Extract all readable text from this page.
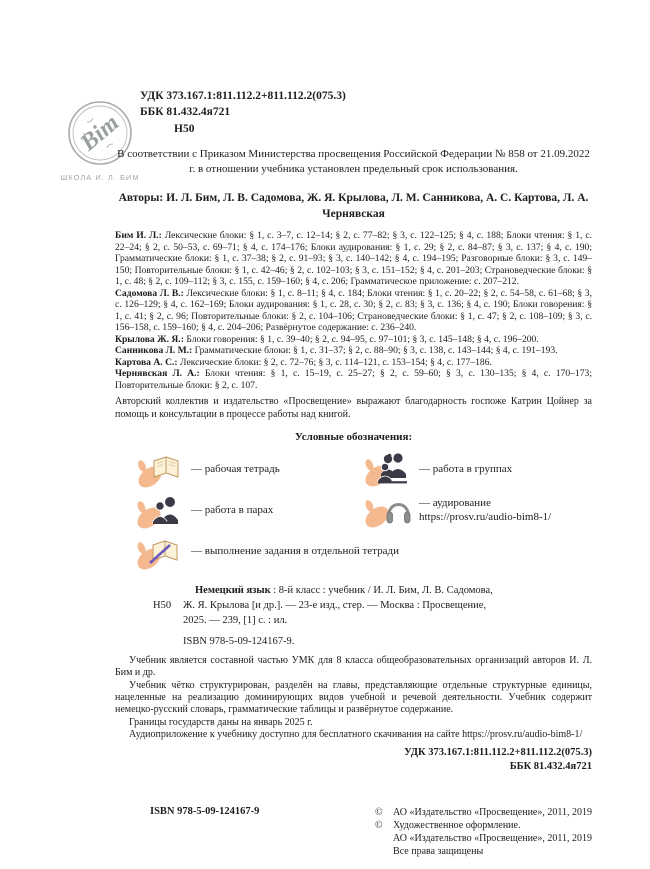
Bim
ШКОЛА И. Л. БИМ
УДК 373.167.1:811.112.2+811.112.2(075.3)
ББК 81.432.4я721
Н50
В соответствии с Приказом Министерства просвещения Российской Федерации № 858 от 21.09.2022 г. в отношении учебника установлен предельный срок использования.
Авторы: И. Л. Бим, Л. В. Садомова, Ж. Я. Крылова, Л. М. Санникова, А. С. Картова, Л. А. Чернявская

Бим И. Л.: Лексические блоки: § 1, с. 3–7, с. 12–14; § 2, с. 77–82; § 3, с. 122–125; § 4, с. 188; Блоки чтения: § 1, с. 22–24; § 2, с. 50–53, с. 69–71; § 4, с. 174–176; Блоки аудирования: § 1, с. 29; § 2, с. 84–87; § 3, с. 137; § 4, с. 190; Грамматические блоки: § 1, с. 37–38; § 2, с. 91–93; § 3, с. 140–142; § 4, с. 194–195; Разговорные блоки: § 3, с. 149–150; Повторительные блоки: § 1, с. 42–46; § 2, с. 102–103; § 3, с. 151–152; § 4, с. 201–203; Страноведческие блоки: § 1, с. 48; § 2, с. 109–112; § 3, с. 155, с. 159–160; § 4, с. 206; Грамматическое приложение: с. 207–212.

Садомова Л. В.: Лексические блоки: § 1, с. 8–11; § 4, с. 184; Блоки чтения: § 1, с. 20–22; § 2, с. 54–58, с. 61–68; § 3, с. 126–129; § 4, с. 162–169; Блоки аудирования: § 1, с. 28, с. 30; § 2, с. 83; § 3, с. 136; § 4, с. 190; Блоки говорения: § 1, с. 41; § 2, с. 96; Повторительные блоки: § 2, с. 104–106; Страноведческие блоки: § 1, с. 47; § 2, с. 108–109; § 3, с. 156–158, с. 159–160; § 4, с. 204–206; Развёрнутое содержание: с. 236–240.

Крылова Ж. Я.: Блоки говорения: § 1, с. 39–40; § 2, с. 94–95, с. 97–101; § 3, с. 145–148; § 4, с. 196–200.

Санникова Л. М.: Грамматические блоки: § 1, с. 31–37; § 2, с. 88–90; § 3, с. 138, с. 143–144; § 4, с. 191–193.

Картова А. С.: Лексические блоки: § 2, с. 72–76; § 3, с. 114–121, с. 153–154; § 4, с. 177–186.

Чернявская Л. А.: Блоки чтения: § 1, с. 15–19, с. 25–27; § 2, с. 59–60; § 3, с. 130–135; § 4, с. 170–173; Повторительные блоки: § 2, с. 107.

Авторский коллектив и издательство «Просвещение» выражают благодарность госпоже Катрин Цойнер за помощь и консультации в процессе работы над книгой.

Условные обозначения:
— рабочая тетрадь	— работа в группах
— работа в парах
— аудирование
https://prosv.ru/audio-bim8-1/
— выполнение задания в отдельной тетради
Немецкий язык : 8-й класс : учебник / И. Л. Бим, Л. В. Садомова,
Н50	Ж. Я. Крылова [и др.]. — 23-е изд., стер. — Москва : Просвещение,
2025. — 239, [1] с. : ил.
ISBN 978-5-09-124167-9.

Учебник является составной частью УМК для 8 класса общеобразовательных организаций авторов И. Л. Бим и др.

Учебник чётко структурирован, разделён на главы, представляющие отдельные структурные единицы, нацеленные на реализацию доминирующих видов учебной и речевой деятельности. Учебник содержит немецко-русский словарь, грамматические таблицы и развёрнутое содержание.

Границы государств даны на январь 2025 г.

Аудиоприложение к учебнику доступно для бесплатного скачивания на сайте https://prosv.ru/audio-bim8-1/

УДК 373.167.1:811.112.2+811.112.2(075.3)
ББК 81.432.4я721
ISBN 978-5-09-124167-9	©	АО «Издательство «Просвещение», 2011, 2019
©	Художественное оформление.
АО «Издательство «Просвещение», 2011, 2019
Все права защищены
